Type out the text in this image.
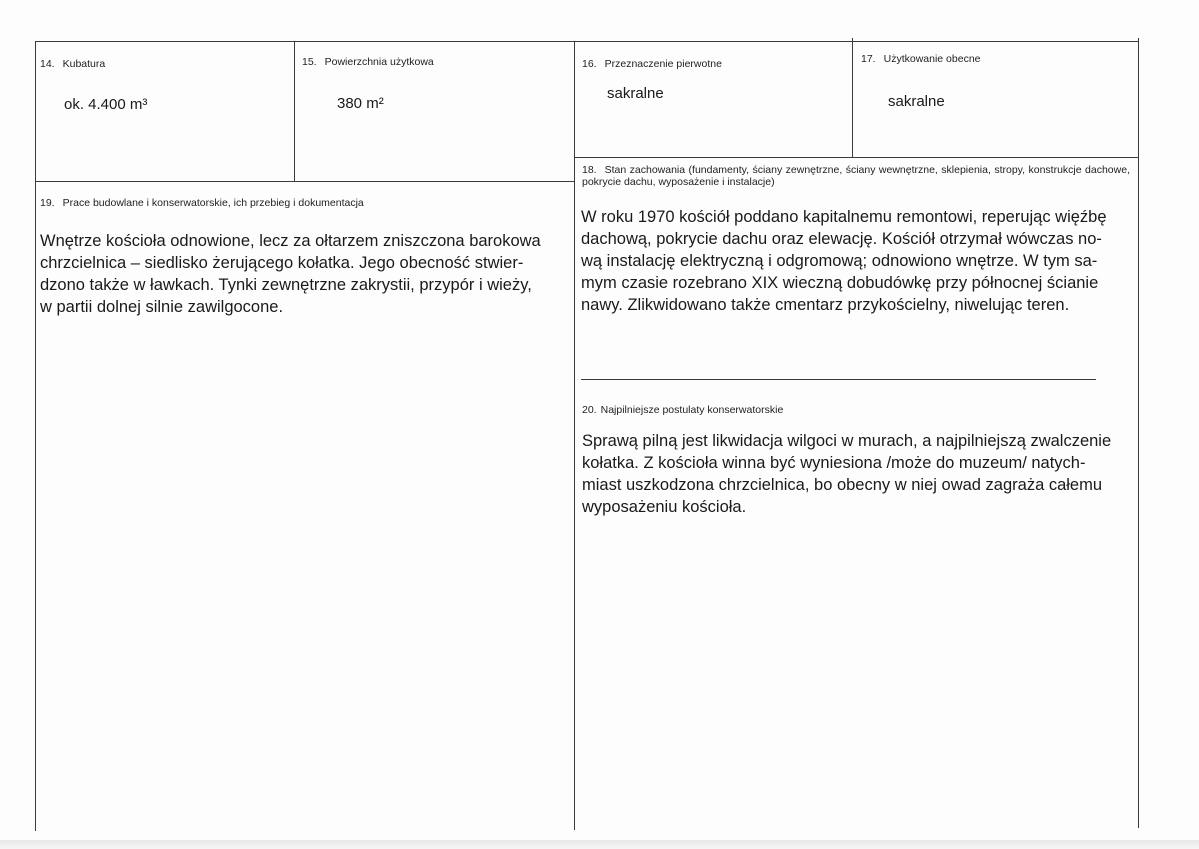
14. Kubatura
ok. 4.400 m³
15. Powierzchnia użytkowa
380 m²
16. Przeznaczenie pierwotne
sakralne
17. Użytkowanie obecne
sakralne
18. Stan zachowania (fundamenty, ściany zewnętrzne, ściany wewnętrzne, sklepienia, stropy, konstrukcje dachowe, pokrycie dachu, wyposażenie i instalacje)
W roku 1970 kościół poddano kapitalnemu remontowi, reperując więźbę
dachową, pokrycie dachu oraz elewację. Kościół otrzymał wówczas no-
wą instalację elektryczną i odgromową; odnowiono wnętrze. W tym sa-
mym czasie rozebrano XIX wieczną dobudówkę przy północnej ścianie
nawy. Zlikwidowano także cmentarz przykościelny, niwelując teren.
19. Prace budowlane i konserwatorskie, ich przebieg i dokumentacja
Wnętrze kościoła odnowione, lecz za ołtarzem zniszczona barokowa
chrzcielnica – siedlisko żerującego kołatka. Jego obecność stwier-
dzono także w ławkach. Tynki zewnętrzne zakrystii, przypór i wieży,
w partii dolnej silnie zawilgocone.
20. Najpilniejsze postulaty konserwatorskie
Sprawą pilną jest likwidacja wilgoci w murach, a najpilniejszą zwalczenie
kołatka. Z kościoła winna być wyniesiona /może do muzeum/ natych-
miast uszkodzona chrzcielnica, bo obecny w niej owad zagraża całemu
wyposażeniu kościoła.
